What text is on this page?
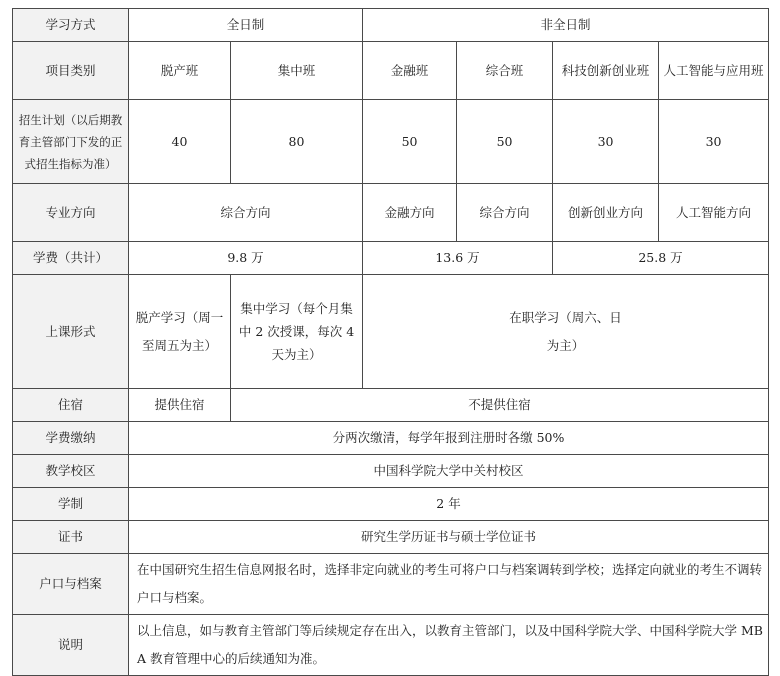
学习方式	全日制		非全日制			
项目类别	脱产班	集中班	金融班	综合班	科技创新创业班	人工智能与应用班
招生计划（以后期教育主管部门下发的正式招生指标为准）	40	80	50	50	30	30
专业方向	综合方向		金融方向	综合方向	创新创业方向	人工智能方向
学费（共计）	9.8 万		13.6 万		25.8 万	
上课形式	脱产学习（周一至周五为主）	集中学习（每个月集中 2 次授课，每次 4 天为主）	在职学习（周六、日为主）			

住宿	提供住宿	不提供住宿				
学费缴纳	分两次缴清，每学年报到注册时各缴 50%					
教学校区	中国科学院大学中关村校区					
学制	2 年					
证书	研究生学历证书与硕士学位证书					
户口与档案	在中国研究生招生信息网报名时，选择非定向就业的考生可将户口与档案调转到学校；选择定向就业的考生不调转户口与档案。					
说明	以上信息，如与教育主管部门等后续规定存在出入，以教育主管部门，以及中国科学院大学、中国科学院大学 MBA 教育管理中心的后续通知为准。					
